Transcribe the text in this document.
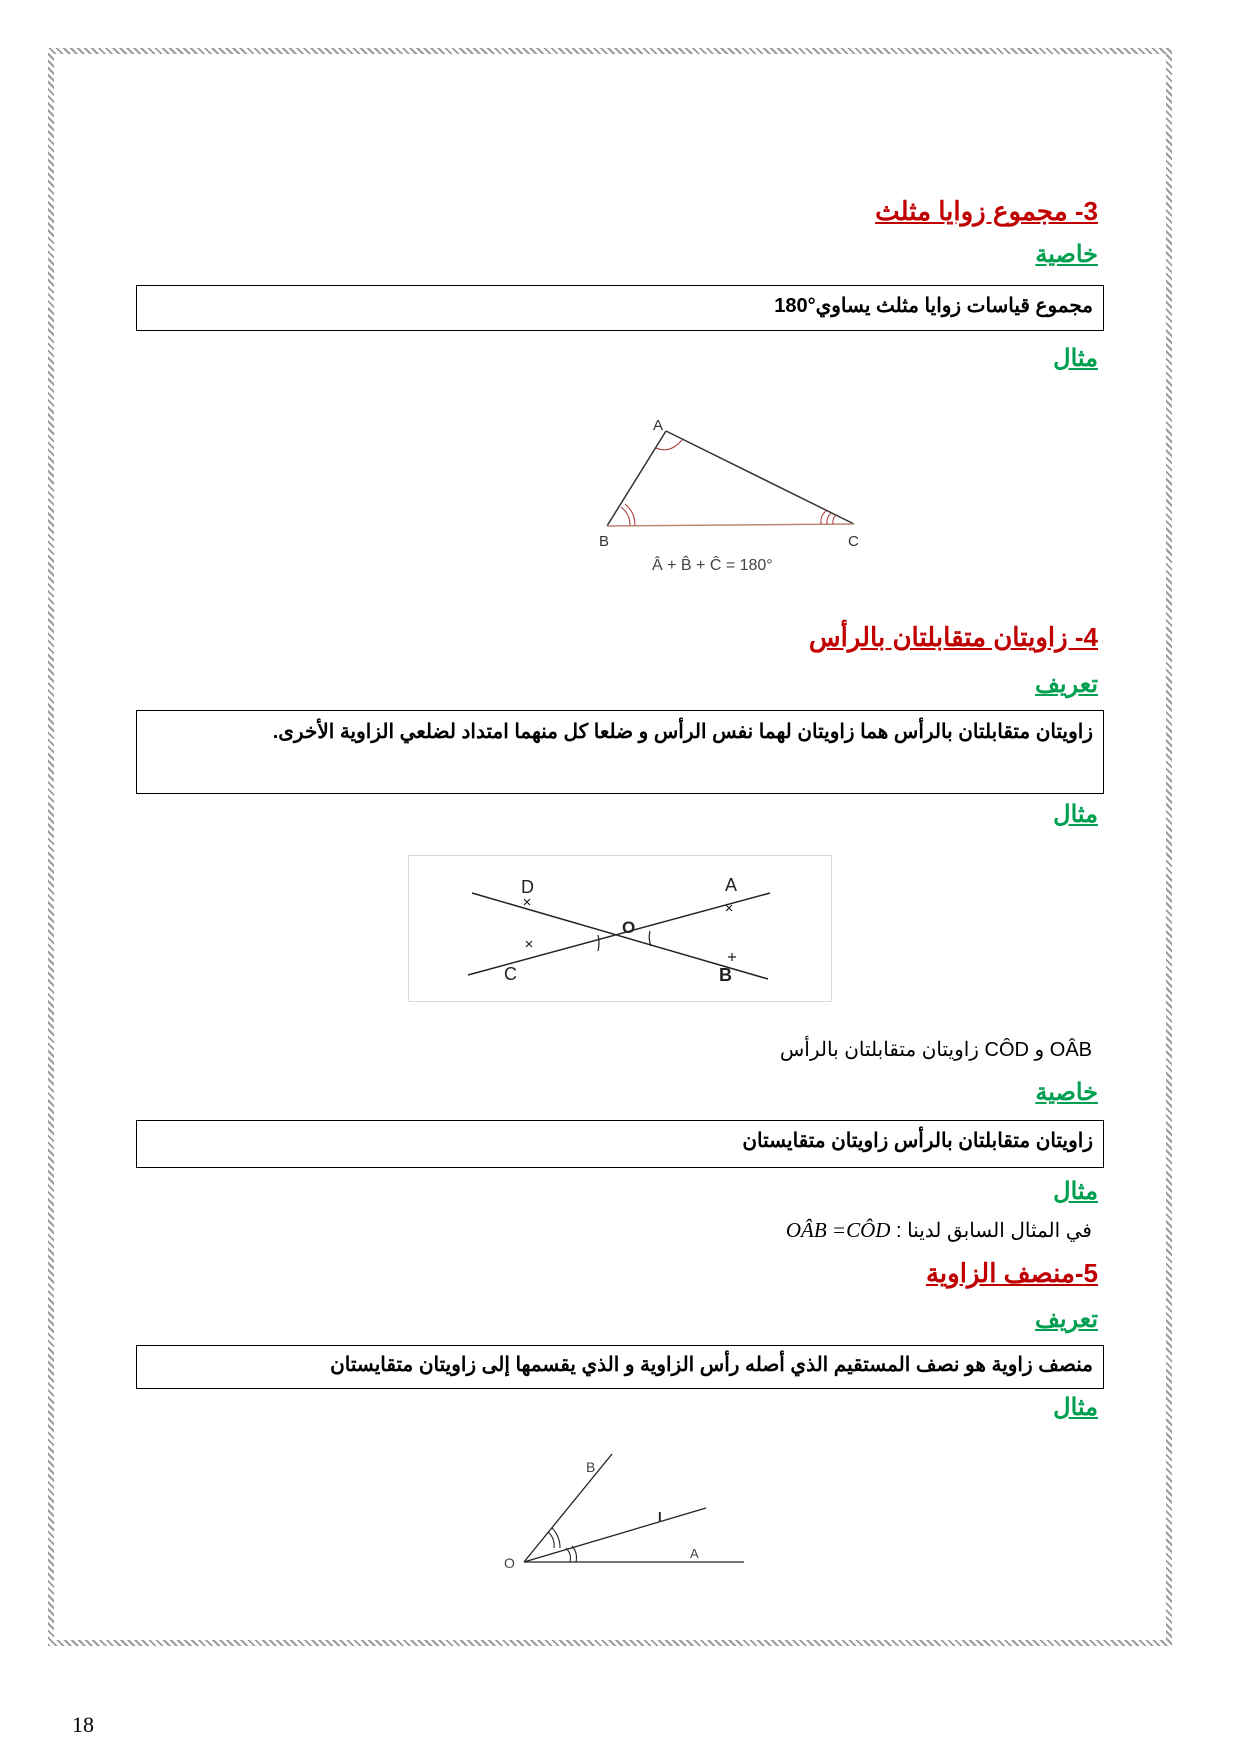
3- مجموع زوايا مثلث
خاصية
مجموع قياسات زوايا مثلث يساوي°180
مثال
A
B	C
Â + B̂ + Ĉ = 180°
4- زاويتان متقابلتان بالرأس
تعريف
زاويتان متقابلتان بالرأس هما زاويتان لهما نفس الرأس و ضلعا كل منهما امتداد لضلعي الزاوية الأخرى.
مثال
D	A
O
C	B
CÔD و OÂB زاويتان متقابلتان بالرأس
خاصية
زاويتان متقابلتان بالرأس زاويتان متقايستان
مثال
في المثال السابق لدينا : OÂB =CÔD
5-منصف الزاوية
تعريف
منصف زاوية هو نصف المستقيم الذي أصله رأس الزاوية و الذي يقسمها إلى زاويتان متقايستان
مثال
B
I
O
A
18
